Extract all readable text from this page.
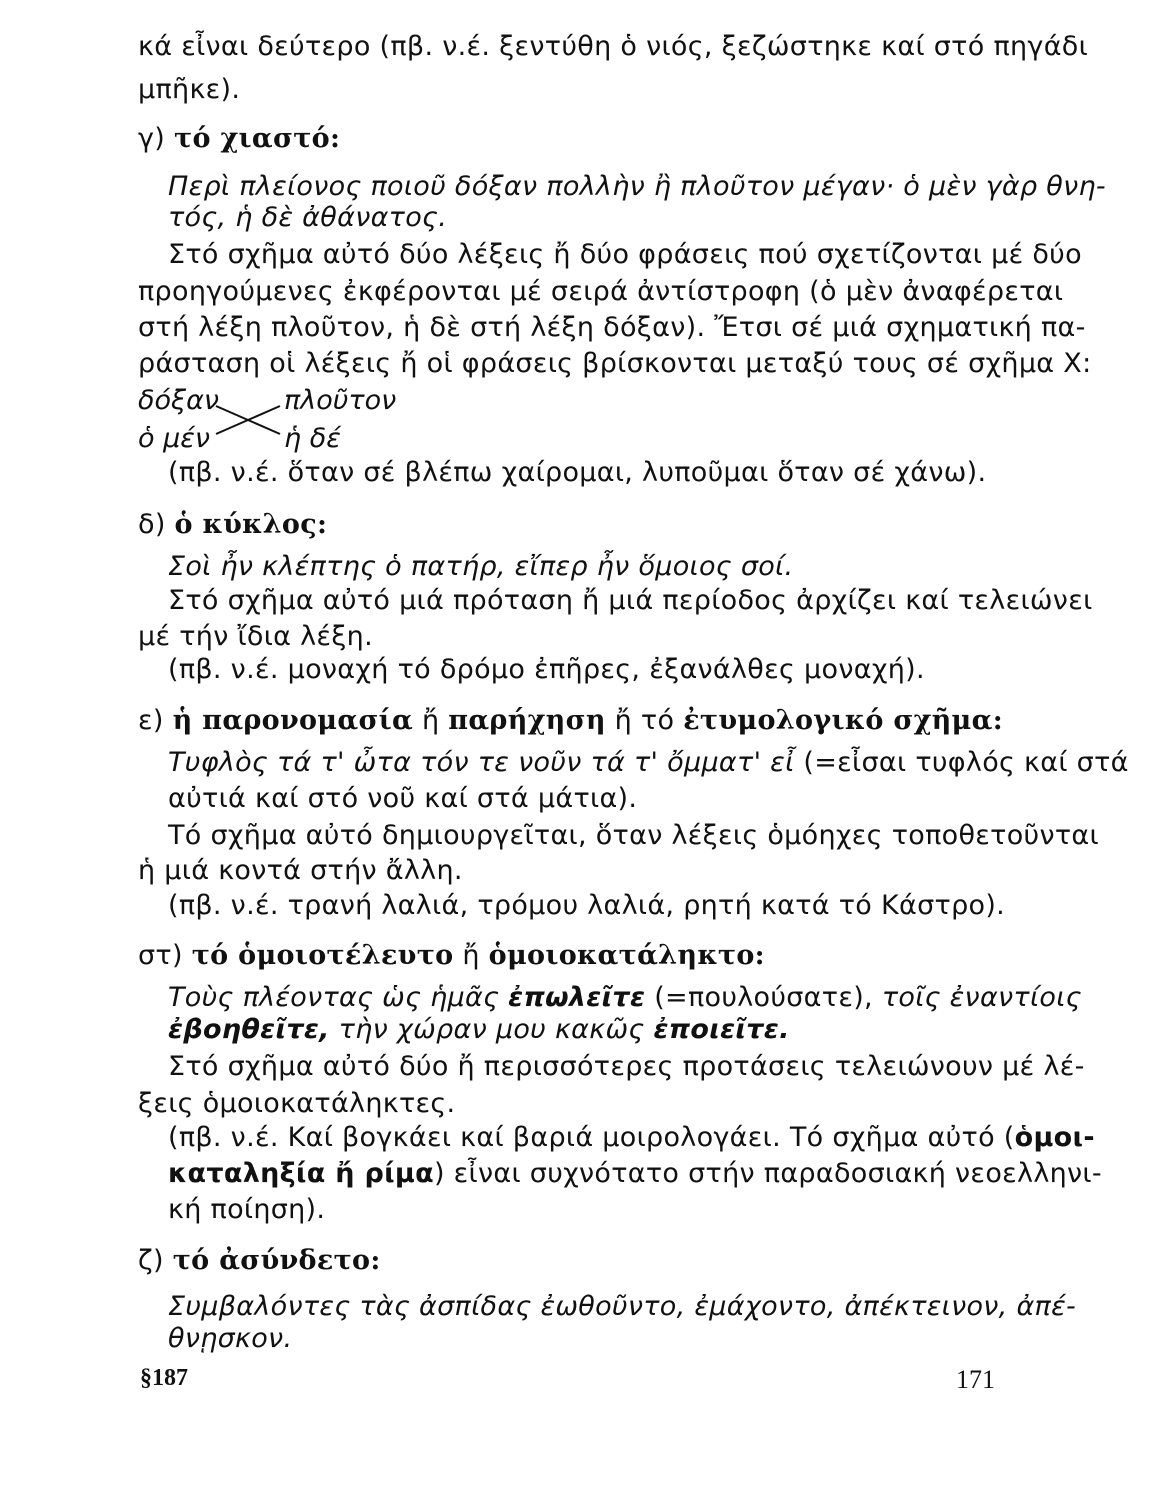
κά εἶναι δεύτερο (πβ. ν.έ. ξεντύθη ὁ νιός, ξεζώστηκε καί στό πηγάδι
μπῆκε).
γ) τό χιαστό:
Περὶ πλείονος ποιοῦ δόξαν πολλὴν ἢ πλοῦτον μέγαν· ὁ μὲν γὰρ θνη-
τός, ἡ δὲ ἀθάνατος.
Στό σχῆμα αὐτό δύο λέξεις ἤ δύο φράσεις πού σχετίζονται μέ δύο
προηγούμενες ἐκφέρονται μέ σειρά ἀντίστροφη (ὁ μὲν ἀναφέρεται
στή λέξη πλοῦτον, ἡ δὲ στή λέξη δόξαν). Ἔτσι σέ μιά σχηματική πα-
ράσταση οἱ λέξεις ἤ οἱ φράσεις βρίσκονται μεταξύ τους σέ σχῆμα Χ:
δόξαν πλοῦτον
ὁ μέν	ἡ δέ
(πβ. ν.έ. ὅταν σέ βλέπω χαίρομαι, λυποῦμαι ὅταν σέ χάνω).
δ) ὁ κύκλος:
Σοὶ ἦν κλέπτης ὁ πατήρ, εἴπερ ἦν ὅμοιος σοί.
Στό σχῆμα αὐτό μιά πρόταση ἤ μιά περίοδος ἀρχίζει καί τελειώνει
μέ τήν ἴδια λέξη.
(πβ. ν.έ. μοναχή τό δρόμο ἐπῆρες, ἐξανάλθες μοναχή).
ε) ἡ παρονομασία ἤ παρήχηση ἤ τό ἐτυμολογικό σχῆμα:
Τυφλὸς τά τ' ὦτα τόν τε νοῦν τά τ' ὄμματ' εἶ (=εἶσαι τυφλός καί στά
αὐτιά καί στό νοῦ καί στά μάτια).
Τό σχῆμα αὐτό δημιουργεῖται, ὅταν λέξεις ὁμόηχες τοποθετοῦνται
ἡ μιά κοντά στήν ἄλλη.
(πβ. ν.έ. τρανή λαλιά, τρόμου λαλιά, ρητή κατά τό Κάστρο).
στ) τό ὁμοιοτέλευτο ἤ ὁμοιοκατάληκτο:
Τοὺς πλέοντας ὡς ἡμᾶς ἐπωλεῖτε (=πουλούσατε), τοῖς ἐναντίοις
ἐβοηθεῖτε, τὴν χώραν μου κακῶς ἐποιεῖτε.
Στό σχῆμα αὐτό δύο ἤ περισσότερες προτάσεις τελειώνουν μέ λέ-
ξεις ὁμοιοκατάληκτες.
(πβ. ν.έ. Καί βογκάει καί βαριά μοιρολογάει. Τό σχῆμα αὐτό (ὁμοι-
καταληξία ἤ ρίμα) εἶναι συχνότατο στήν παραδοσιακή νεοελληνι-
κή ποίηση).
ζ) τό ἀσύνδετο:
Συμβαλόντες τὰς ἀσπίδας ἐωθοῦντο, ἐμάχοντο, ἀπέκτεινον, ἀπέ-
θνῃσκον.
§187	171
